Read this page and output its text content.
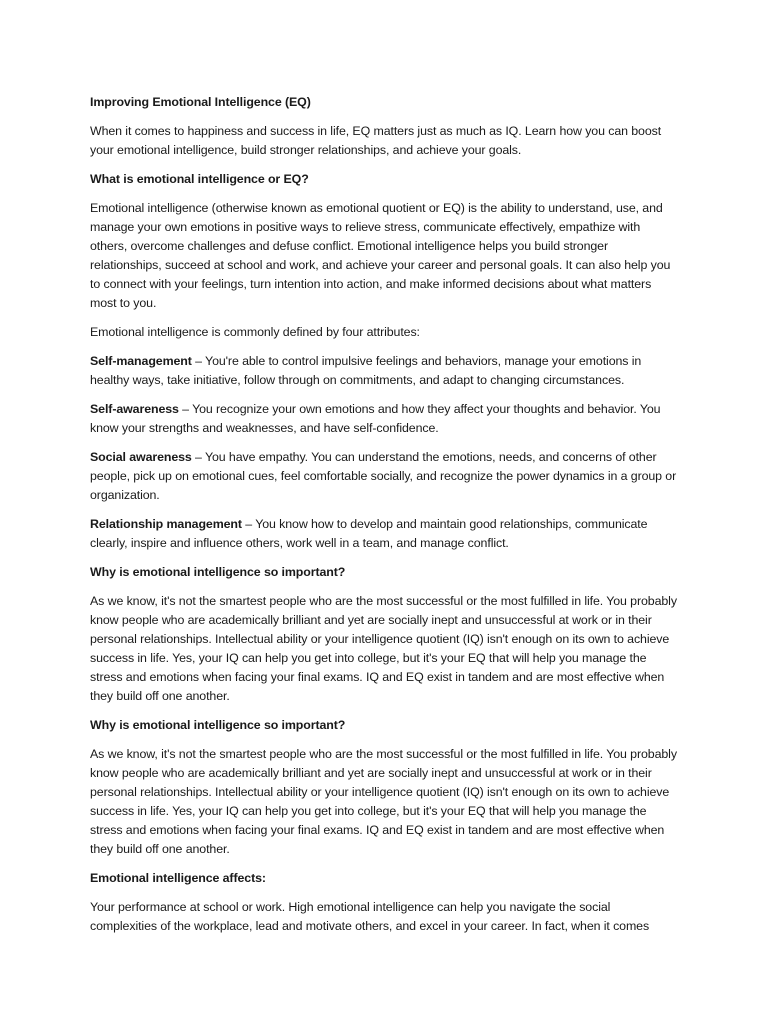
Improving Emotional Intelligence (EQ)

When it comes to happiness and success in life, EQ matters just as much as IQ. Learn how you can boost your emotional intelligence, build stronger relationships, and achieve your goals.

What is emotional intelligence or EQ?

Emotional intelligence (otherwise known as emotional quotient or EQ) is the ability to understand, use, and manage your own emotions in positive ways to relieve stress, communicate effectively, empathize with others, overcome challenges and defuse conflict. Emotional intelligence helps you build stronger relationships, succeed at school and work, and achieve your career and personal goals. It can also help you to connect with your feelings, turn intention into action, and make informed decisions about what matters most to you.

Emotional intelligence is commonly defined by four attributes:

Self-management – You're able to control impulsive feelings and behaviors, manage your emotions in healthy ways, take initiative, follow through on commitments, and adapt to changing circumstances.

Self-awareness – You recognize your own emotions and how they affect your thoughts and behavior. You know your strengths and weaknesses, and have self-confidence.

Social awareness – You have empathy. You can understand the emotions, needs, and concerns of other people, pick up on emotional cues, feel comfortable socially, and recognize the power dynamics in a group or organization.

Relationship management – You know how to develop and maintain good relationships, communicate clearly, inspire and influence others, work well in a team, and manage conflict.

Why is emotional intelligence so important?

As we know, it's not the smartest people who are the most successful or the most fulfilled in life. You probably know people who are academically brilliant and yet are socially inept and unsuccessful at work or in their personal relationships. Intellectual ability or your intelligence quotient (IQ) isn't enough on its own to achieve success in life. Yes, your IQ can help you get into college, but it's your EQ that will help you manage the stress and emotions when facing your final exams. IQ and EQ exist in tandem and are most effective when they build off one another.

Why is emotional intelligence so important?

As we know, it's not the smartest people who are the most successful or the most fulfilled in life. You probably know people who are academically brilliant and yet are socially inept and unsuccessful at work or in their personal relationships. Intellectual ability or your intelligence quotient (IQ) isn't enough on its own to achieve success in life. Yes, your IQ can help you get into college, but it's your EQ that will help you manage the stress and emotions when facing your final exams. IQ and EQ exist in tandem and are most effective when they build off one another.

Emotional intelligence affects:

Your performance at school or work. High emotional intelligence can help you navigate the social complexities of the workplace, lead and motivate others, and excel in your career. In fact, when it comes
